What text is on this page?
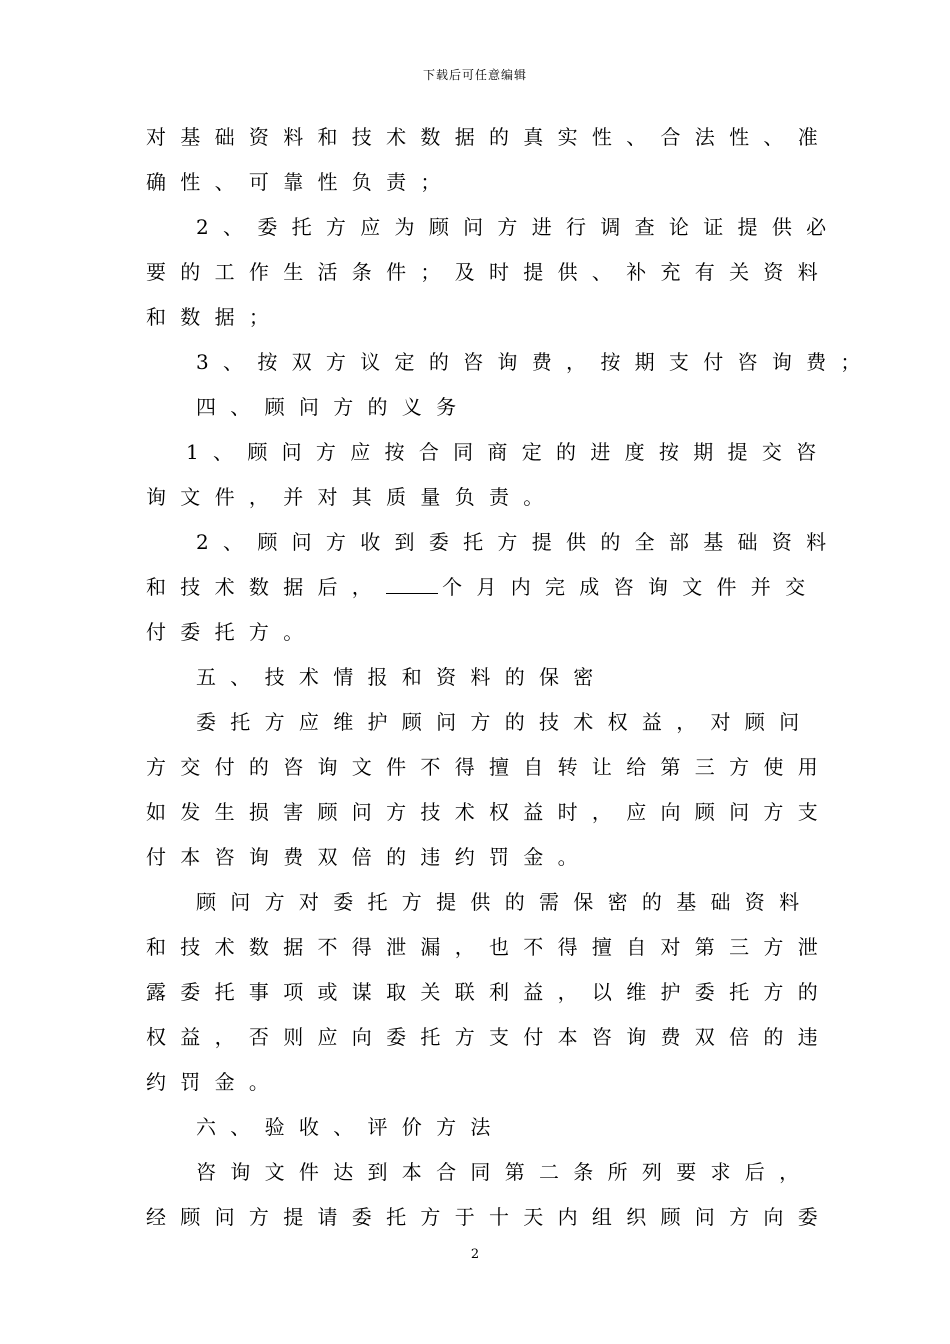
下载后可任意编辑
对基础资料和技术数据的真实性、合法性、准
确性、可靠性负责；
2、委托方应为顾问方进行调查论证提供必
要的工作生活条件；及时提供、补充有关资料
和数据；
3、按双方议定的咨询费，按期支付咨询费；
四、顾问方的义务
1、顾问方应按合同商定的进度按期提交咨
询文件，并对其质量负责。
2、顾问方收到委托方提供的全部基础资料
和技术数据后，	个月内完成咨询文件并交
付委托方。
五、技术情报和资料的保密
委托方应维护顾问方的技术权益，对顾问
方交付的咨询文件不得擅自转让给第三方使用
如发生损害顾问方技术权益时，应向顾问方支
付本咨询费双倍的违约罚金。
顾问方对委托方提供的需保密的基础资料
和技术数据不得泄漏，也不得擅自对第三方泄
露委托事项或谋取关联利益，以维护委托方的
权益，否则应向委托方支付本咨询费双倍的违
约罚金。
六、验收、评价方法
咨询文件达到本合同第二条所列要求后，
经顾问方提请委托方于十天内组织顾问方向委
2
